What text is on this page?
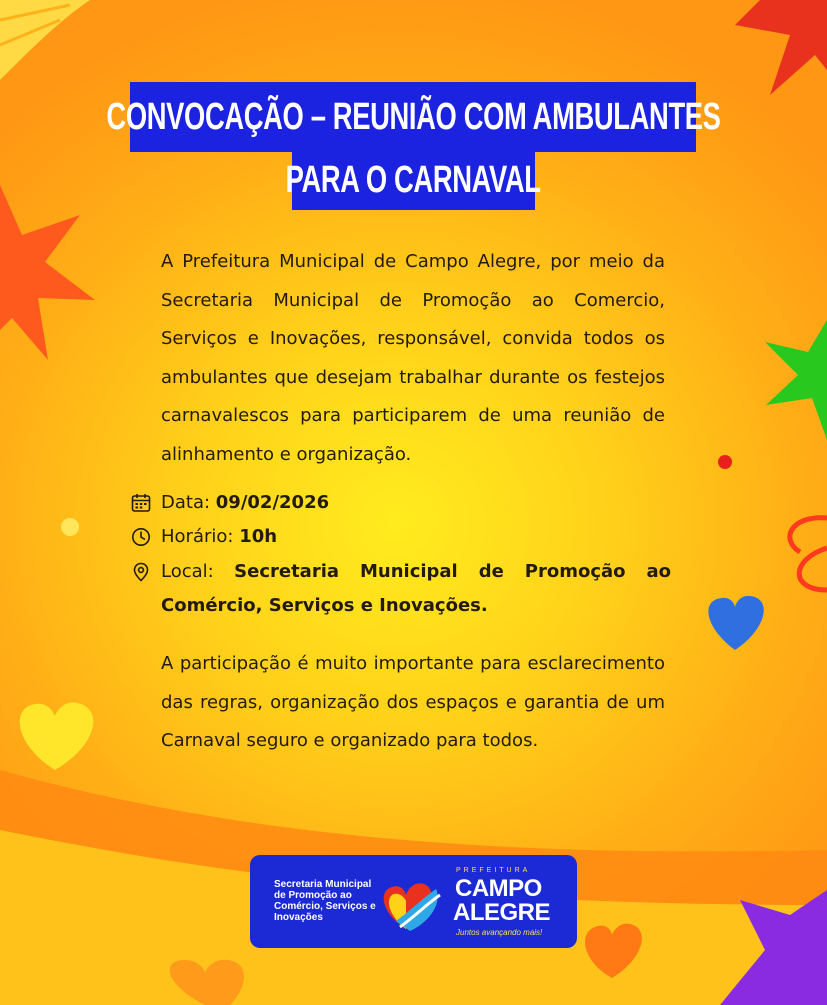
CONVOCAÇÃO – REUNIÃO COM AMBULANTES
PARA O CARNAVAL
A Prefeitura Municipal de Campo Alegre, por meio da Secretaria Municipal de Promoção ao Comercio, Serviços e Inovações, responsável, convida todos os ambulantes que desejam trabalhar durante os festejos carnavalescos para participarem de uma reunião de alinhamento e organização.
Data: 09/02/2026
Horário: 10h
Local: Secretaria Municipal de Promoção ao Comércio, Serviços e Inovações.
A participação é muito importante para esclarecimento das regras, organização dos espaços e garantia de um Carnaval seguro e organizado para todos.
Secretaria Municipal de Promoção ao Comércio, Serviços e Inovações
PREFEITURA
CAMPO
ALEGRE
Juntos avançando mais!
